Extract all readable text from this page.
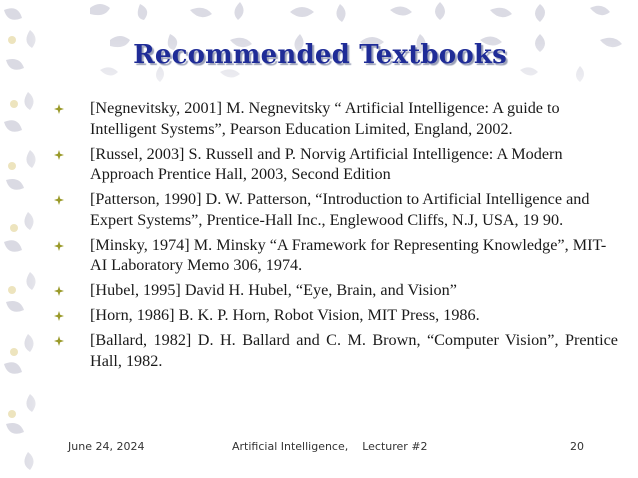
Recommended Textbooks
[Negnevitsky, 2001] M. Negnevitsky “ Artificial Intelligence: A guide to Intelligent Systems”, Pearson Education Limited, England, 2002.
[Russel, 2003] S. Russell and P. Norvig Artificial Intelligence: A Modern Approach Prentice Hall, 2003, Second Edition
[Patterson, 1990] D. W. Patterson, “Introduction to Artificial Intelligence and Expert Systems”, Prentice-Hall Inc., Englewood Cliffs, N.J, USA, 19 90.
[Minsky, 1974] M. Minsky “A Framework for Representing Knowledge”, MIT-AI Laboratory Memo 306, 1974.
[Hubel, 1995] David H. Hubel, “Eye, Brain, and Vision”
[Horn, 1986] B. K. P. Horn, Robot Vision, MIT Press, 1986.
[Ballard, 1982] D. H. Ballard and C. M. Brown, “Computer Vision”, Prentice Hall, 1982.
June 24, 2024	Artificial Intelligence,    Lecturer #2	20
